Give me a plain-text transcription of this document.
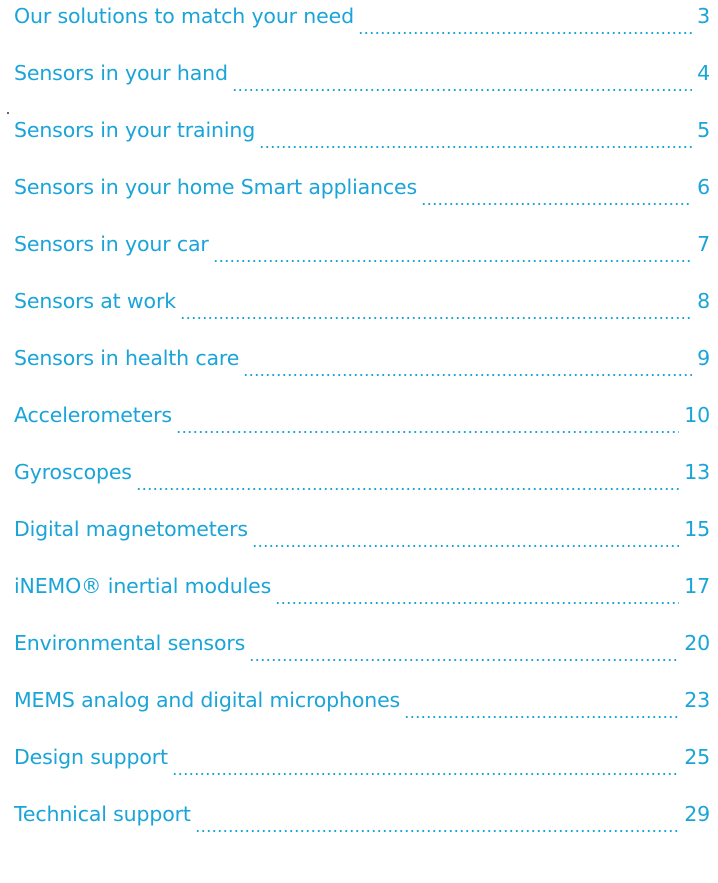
Our solutions to match your need	3
Sensors in your hand	4
Sensors in your training	5
Sensors in your home Smart appliances	6
Sensors in your car	7
Sensors at work	8
Sensors in health care	9
Accelerometers	10
Gyroscopes	13
Digital magnetometers	15
iNEMO® inertial modules	17
Environmental sensors	20
MEMS analog and digital microphones	23
Design support	25
Technical support	29
